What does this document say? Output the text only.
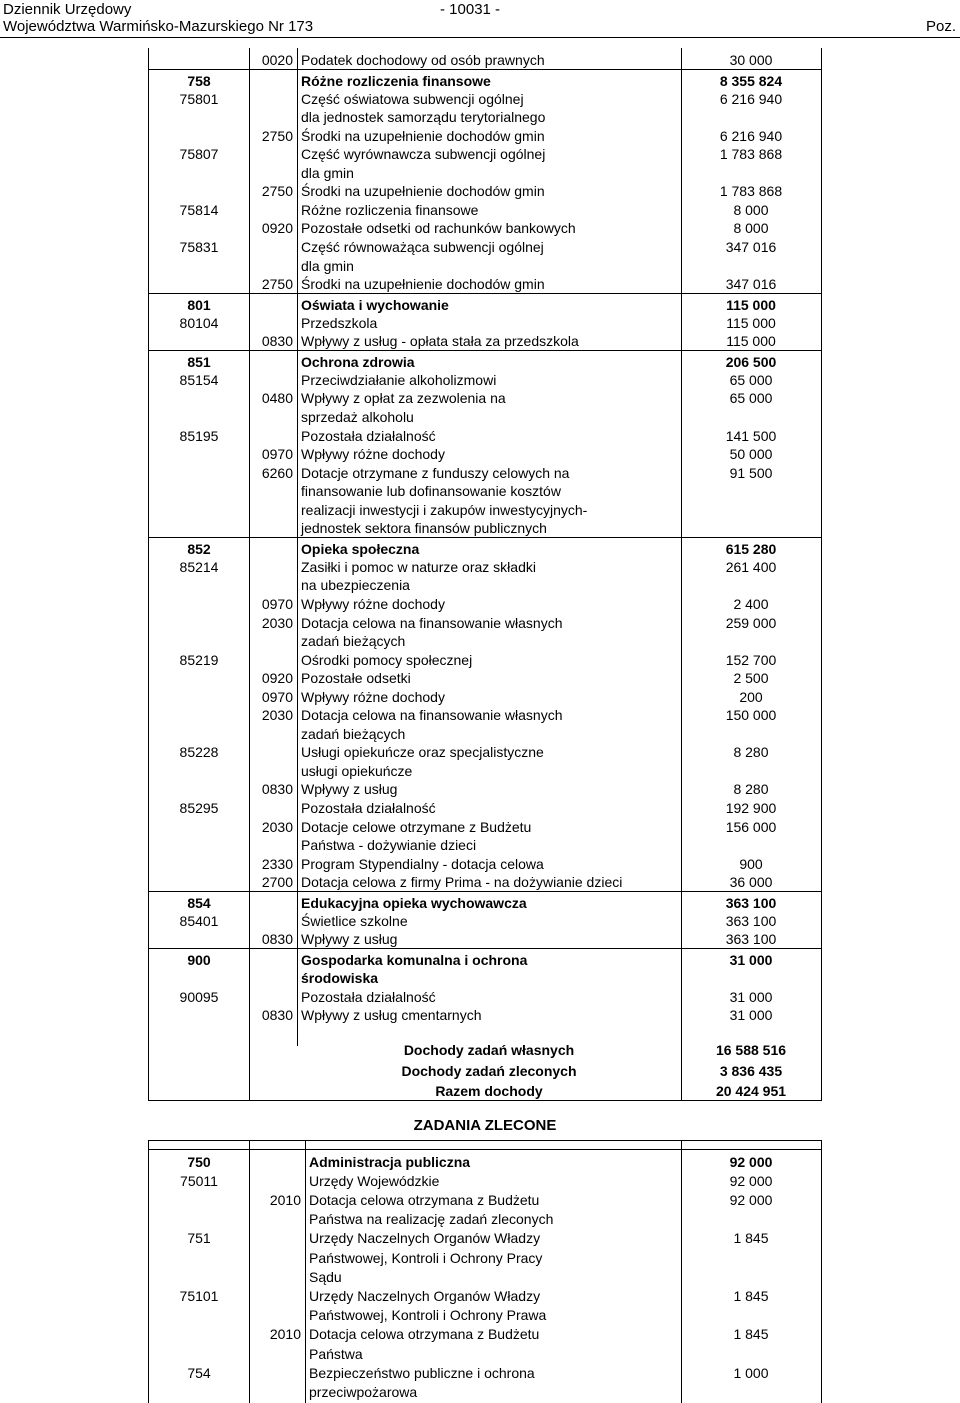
Dziennik Urzędowy
Województwa Warmińsko-Mazurskiego Nr 173
- 10031 -
Poz.
0020 Podatek dochodowy od osób prawnych	30 000
758	Różne rozliczenia finansowe	8 355 824
75801	Część oświatowa subwencji ogólnej	6 216 940
dla jednostek samorządu terytorialnego
2750 Środki na uzupełnienie dochodów gmin	6 216 940
75807	Część wyrównawcza subwencji ogólnej	1 783 868
dla gmin
2750 Środki na uzupełnienie dochodów gmin	1 783 868
75814	Różne rozliczenia finansowe	8 000
0920 Pozostałe odsetki od rachunków bankowych	8 000
75831	Część równoważąca subwencji ogólnej	347 016
dla gmin
2750 Środki na uzupełnienie dochodów gmin	347 016
801	Oświata i wychowanie	115 000
80104	Przedszkola	115 000
0830 Wpływy z usług - opłata stała za przedszkola	115 000
851	Ochrona zdrowia	206 500
85154	Przeciwdziałanie alkoholizmowi	65 000
0480 Wpływy z opłat za zezwolenia na	65 000
sprzedaż alkoholu
85195	Pozostała działalność	141 500
0970 Wpływy różne dochody	50 000
6260 Dotacje otrzymane z funduszy celowych na	91 500
finansowanie lub dofinansowanie kosztów
realizacji inwestycji i zakupów inwestycyjnych-
jednostek sektora finansów publicznych
852	Opieka społeczna	615 280
85214	Zasiłki i pomoc w naturze oraz składki	261 400
na ubezpieczenia
0970 Wpływy różne dochody	2 400
2030 Dotacja celowa na finansowanie własnych	259 000
zadań bieżących
85219	Ośrodki pomocy społecznej	152 700
0920 Pozostałe odsetki	2 500
0970 Wpływy różne dochody	200
2030 Dotacja celowa na finansowanie własnych	150 000
zadań bieżących
85228	Usługi opiekuńcze oraz specjalistyczne	8 280
usługi opiekuńcze
0830 Wpływy z usług	8 280
85295	Pozostała działalność	192 900
2030 Dotacje celowe otrzymane z Budżetu	156 000
Państwa - dożywianie dzieci
2330 Program Stypendialny - dotacja celowa	900
2700 Dotacja celowa z firmy Prima - na dożywianie dzieci	36 000
854	Edukacyjna opieka wychowawcza	363 100
85401	Świetlice szkolne	363 100
0830 Wpływy z usług	363 100
900	Gospodarka komunalna i ochrona	31 000
środowiska
90095	Pozostała działalność	31 000
0830 Wpływy z usług cmentarnych	31 000
Dochody zadań własnych	16 588 516
Dochody zadań zleconych	3 836 435
Razem dochody	20 424 951
ZADANIA ZLECONE
750	Administracja publiczna	92 000
75011	Urzędy Wojewódzkie	92 000
2010 Dotacja celowa otrzymana z Budżetu	92 000
Państwa na realizację zadań zleconych
751	Urzędy Naczelnych Organów Władzy	1 845
Państwowej, Kontroli i Ochrony Pracy
Sądu
75101	Urzędy Naczelnych Organów Władzy	1 845
Państwowej, Kontroli i Ochrony Prawa
2010 Dotacja celowa otrzymana z Budżetu	1 845
Państwa
754	Bezpieczeństwo publiczne i ochrona	1 000
przeciwpożarowa
